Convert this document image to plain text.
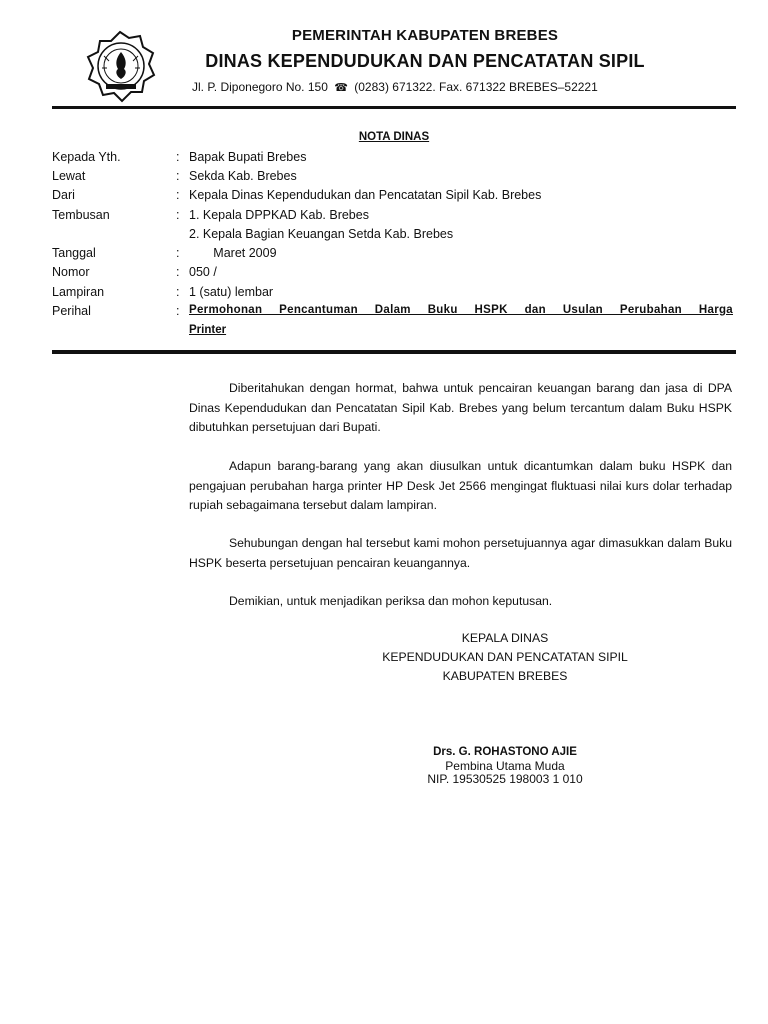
PEMERINTAH KABUPATEN BREBES
DINAS KEPENDUDUKAN DAN PENCATATAN SIPIL
Jl. P. Diponegoro No. 150 ☎ (0283) 671322. Fax. 671322 BREBES–52221
NOTA DINAS
Kepada Yth.	: Bapak Bupati Brebes
Lewat	: Sekda Kab. Brebes
Dari	: Kepala Dinas Kependudukan dan Pencatatan Sipil Kab. Brebes
Tembusan	: 1. Kepala DPPKAD Kab. Brebes
2. Kepala Bagian Keuangan Setda Kab. Brebes
Tanggal	: Maret 2009
Nomor	: 050 /
Lampiran	: 1 (satu) lembar
Perihal	: Permohonan Pencantuman Dalam Buku HSPK dan Usulan Perubahan Harga
Printer
Diberitahukan dengan hormat, bahwa untuk pencairan keuangan barang dan jasa di DPA Dinas Kependudukan dan Pencatatan Sipil Kab. Brebes yang belum tercantum dalam Buku HSPK dibutuhkan persetujuan dari Bupati.
Adapun barang-barang yang akan diusulkan untuk dicantumkan dalam buku HSPK dan pengajuan perubahan harga printer HP Desk Jet 2566 mengingat fluktuasi nilai kurs dolar terhadap rupiah sebagaimana tersebut dalam lampiran.
Sehubungan dengan hal tersebut kami mohon persetujuannya agar dimasukkan dalam Buku HSPK beserta persetujuan pencairan keuangannya.
Demikian, untuk menjadikan periksa dan mohon keputusan.
KEPALA DINAS
KEPENDUDUKAN DAN PENCATATAN SIPIL
KABUPATEN BREBES
Drs. G. ROHASTONO AJIE
Pembina Utama Muda
NIP. 19530525 198003 1 010
